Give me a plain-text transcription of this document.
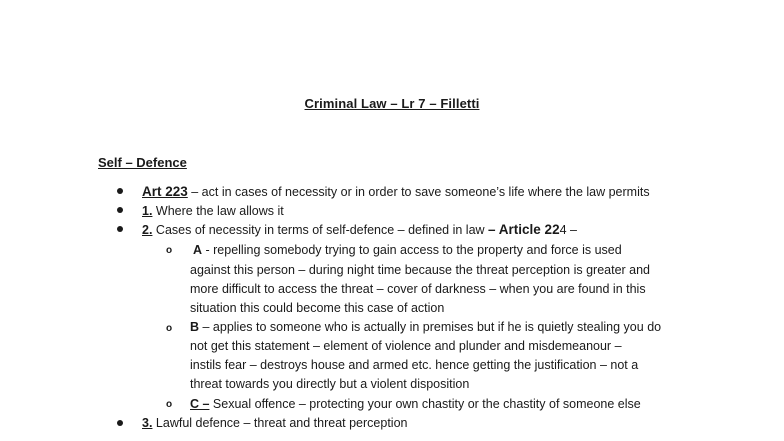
Criminal Law – Lr 7 – Filletti
Self – Defence
Art 223 – act in cases of necessity or in order to save someone’s life where the law permits
1. Where the law allows it
2. Cases of necessity in terms of self-defence – defined in law – Article 224 –
o A - repelling somebody trying to gain access to the property and force is used
against this person – during night time because the threat perception is greater and
more difficult to access the threat – cover of darkness – when you are found in this
situation this could become this case of action
o B – applies to someone who is actually in premises but if he is quietly stealing you do
not get this statement – element of violence and plunder and misdemeanour –
instils fear – destroys house and armed etc. hence getting the justification – not a
threat towards you directly but a violent disposition
o C – Sexual offence – protecting your own chastity or the chastity of someone else
3. Lawful defence – threat and threat perception
